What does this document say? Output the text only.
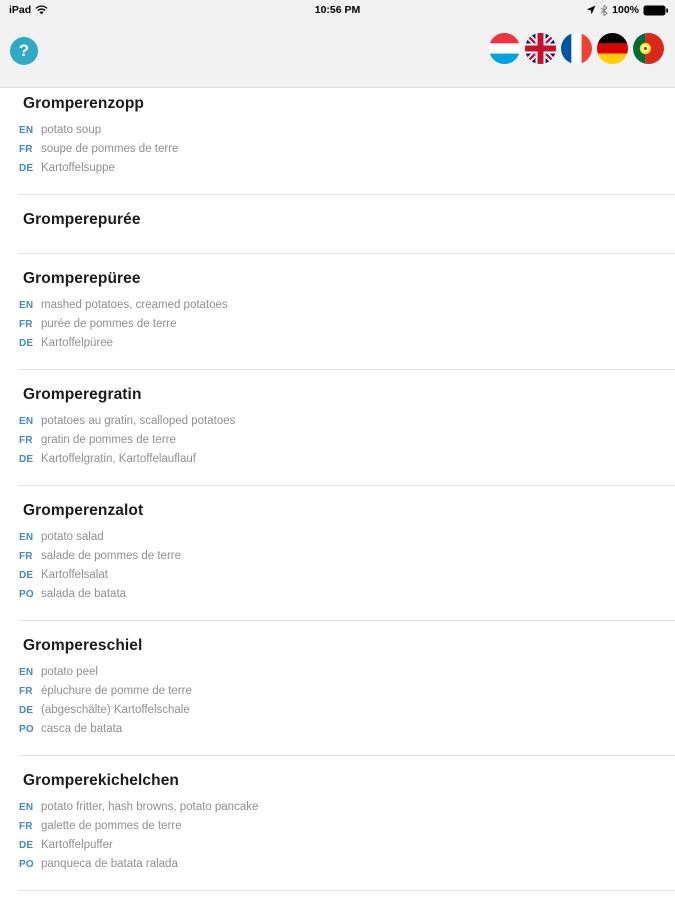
iPad	10:56 PM	100%
?
Gromperenzopp
EN potato soup
FR soupe de pommes de terre
DE Kartoffelsuppe
Gromperepurée
Gromperepüree
EN mashed potatoes, creamed potatoes
FR purée de pommes de terre
DE Kartoffelpüree
Gromperegratin
EN potatoes au gratin, scalloped potatoes
FR gratin de pommes de terre
DE Kartoffelgratin, Kartoffelauflauf
Gromperenzalot
EN potato salad
FR salade de pommes de terre
DE Kartoffelsalat
PO salada de batata
Grompereschiel
EN potato peel
FR épluchure de pomme de terre
DE (abgeschälte) Kartoffelschale
PO casca de batata
Gromperekichelchen
EN potato fritter, hash browns, potato pancake
FR galette de pommes de terre
DE Kartoffelpuffer
PO panqueca de batata ralada
